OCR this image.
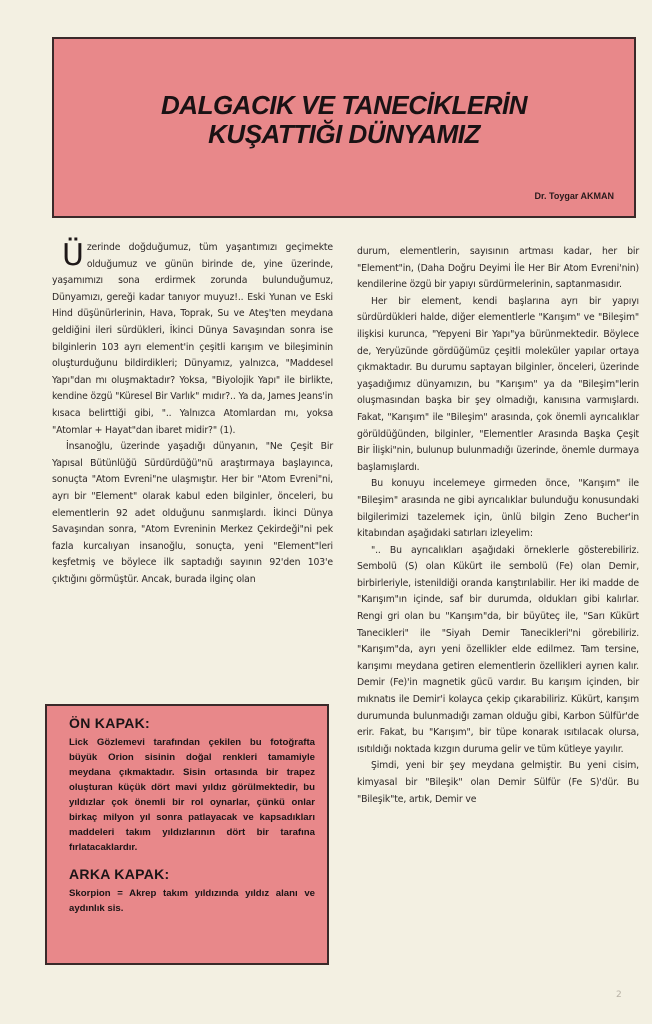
DALGACIK VE TANECİKLERİN
KUŞATTIĞI DÜNYAMIZ
Dr. Toygar AKMAN

Üzerinde doğduğumuz, tüm yaşantımızı geçimekte olduğumuz ve günün birinde de, yine üzerinde, yaşamımızı sona erdirmek zorunda bulunduğumuz, Dünyamızı, gereği kadar tanıyor muyuz!.. Eski Yunan ve Eski Hind düşünürlerinin, Hava, Toprak, Su ve Ateş'ten meydana geldiğini ileri sürdükleri, İkinci Dünya Savaşından sonra ise bilginlerin 103 ayrı element'in çeşitli karışım ve bileşiminin oluşturduğunu bildirdikleri; Dünyamız, yalnızca, "Maddesel Yapı"dan mı oluşmaktadır? Yoksa, "Biyolojik Yapı" ile birlikte, kendine özgü "Küresel Bir Varlık" mıdır?.. Ya da, James Jeans'in kısaca belirttiği gibi, ".. Yalnızca Atomlardan mı, yoksa "Atomlar + Hayat"dan ibaret midir?" (1).

İnsanoğlu, üzerinde yaşadığı dünyanın, "Ne Çeşit Bir Yapısal Bütünlüğü Sürdürdüğü"nü araştırmaya başlayınca, sonuçta "Atom Evreni"ne ulaşmıştır. Her bir "Atom Evreni"ni, ayrı bir "Element" olarak kabul eden bilginler, önceleri, bu elementlerin 92 adet olduğunu sanmışlardı. İkinci Dünya Savaşından sonra, "Atom Evreninin Merkez Çekirdeği"ni pek fazla kurcalıyan insanoğlu, sonuçta, yeni "Element"leri keşfetmiş ve böylece ilk saptadığı sayının 92'den 103'e çıktığını görmüştür. Ancak, burada ilginç olan

ÖN KAPAK:

Lick Gözlemevi tarafından çekilen bu fotoğrafta büyük Orion sisinin doğal renkleri tamamiyle meydana çıkmaktadır. Sisin ortasında bir trapez oluşturan küçük dört mavi yıldız görülmektedir, bu yıldızlar çok önemli bir rol oynarlar, çünkü onlar birkaç milyon yıl sonra patlayacak ve kapsadıkları maddeleri takım yıldızlarının dört bir tarafına fırlatacaklardır.

ARKA KAPAK:

Skorpion = Akrep takım yıldızında yıldız alanı ve aydınlık sis.

durum, elementlerin, sayısının artması kadar, her bir "Element"in, (Daha Doğru Deyimi İle Her Bir Atom Evreni'nin) kendilerine özgü bir yapıyı sürdürmelerinin, saptanmasıdır.

Her bir element, kendi başlarına ayrı bir yapıyı sürdürdükleri halde, diğer elementlerle "Karışım" ve "Bileşim" ilişkisi kurunca, "Yepyeni Bir Yapı"ya bürünmektedir. Böylece de, Yeryüzünde gördüğümüz çeşitli moleküler yapılar ortaya çıkmaktadır. Bu durumu saptayan bilginler, önceleri, üzerinde yaşadığımız dünyamızın, bu "Karışım" ya da "Bileşim"lerin oluşmasından başka bir şey olmadığı, kanısına varmışlardı. Fakat, "Karışım" ile "Bileşim" arasında, çok önemli ayrıcalıklar görüldüğünden, bilginler, "Elementler Arasında Başka Çeşit Bir İlişki"nin, bulunup bulunmadığı üzerinde, önemle durmaya başlamışlardı.

Bu konuyu incelemeye girmeden önce, "Karışım" ile "Bileşim" arasında ne gibi ayrıcalıklar bulunduğu konusundaki bilgilerimizi tazelemek için, ünlü bilgin Zeno Bucher'in kitabından aşağıdaki satırları izleyelim:

".. Bu ayrıcalıkları aşağıdaki örneklerle gösterebiliriz. Sembolü (S) olan Kükürt ile sembolü (Fe) olan Demir, birbirleriyle, istenildiği oranda karıştırılabilir. Her iki madde de "Karışım"ın içinde, saf bir durumda, oldukları gibi kalırlar. Rengi gri olan bu "Karışım"da, bir büyüteç ile, "Sarı Kükürt Tanecikleri" ile "Siyah Demir Tanecikleri"ni görebiliriz. "Karışım"da, ayrı yeni özellikler elde edilmez. Tam tersine, karışımı meydana getiren elementlerin özellikleri ayrıen kalır. Demir (Fe)'in magnetik gücü vardır. Bu karışım içinden, bir mıknatıs ile Demir'i kolayca çekip çıkarabiliriz. Kükürt, karışım durumunda bulunmadığı zaman olduğu gibi, Karbon Sülfür'de erir. Fakat, bu "Karışım", bir tüpe konarak ısıtılacak olursa, ısıtıldığı noktada kızgın duruma gelir ve tüm kütleye yayılır.

Şimdi, yeni bir şey meydana gelmiştir. Bu yeni cisim, kimyasal bir "Bileşik" olan Demir Sülfür (Fe S)'dür. Bu "Bileşik"te, artık, Demir ve

2
